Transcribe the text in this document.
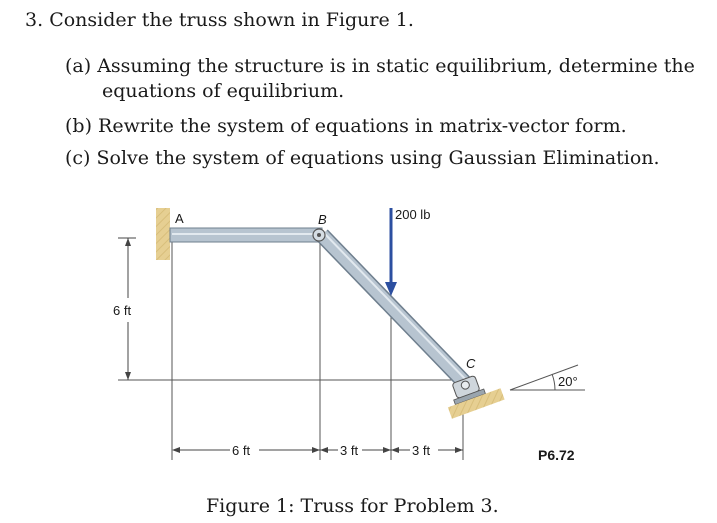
3. Consider the truss shown in Figure 1.
(a) Assuming the structure is in static equilibrium, determine the
equations of equilibrium.
(b) Rewrite the system of equations in matrix-vector form.
(c) Solve the system of equations using Gaussian Elimination.
A	B
C
200 lb
6 ft
6 ft	3 ft	3 ft
20°
P6.72
Figure 1: Truss for Problem 3.
